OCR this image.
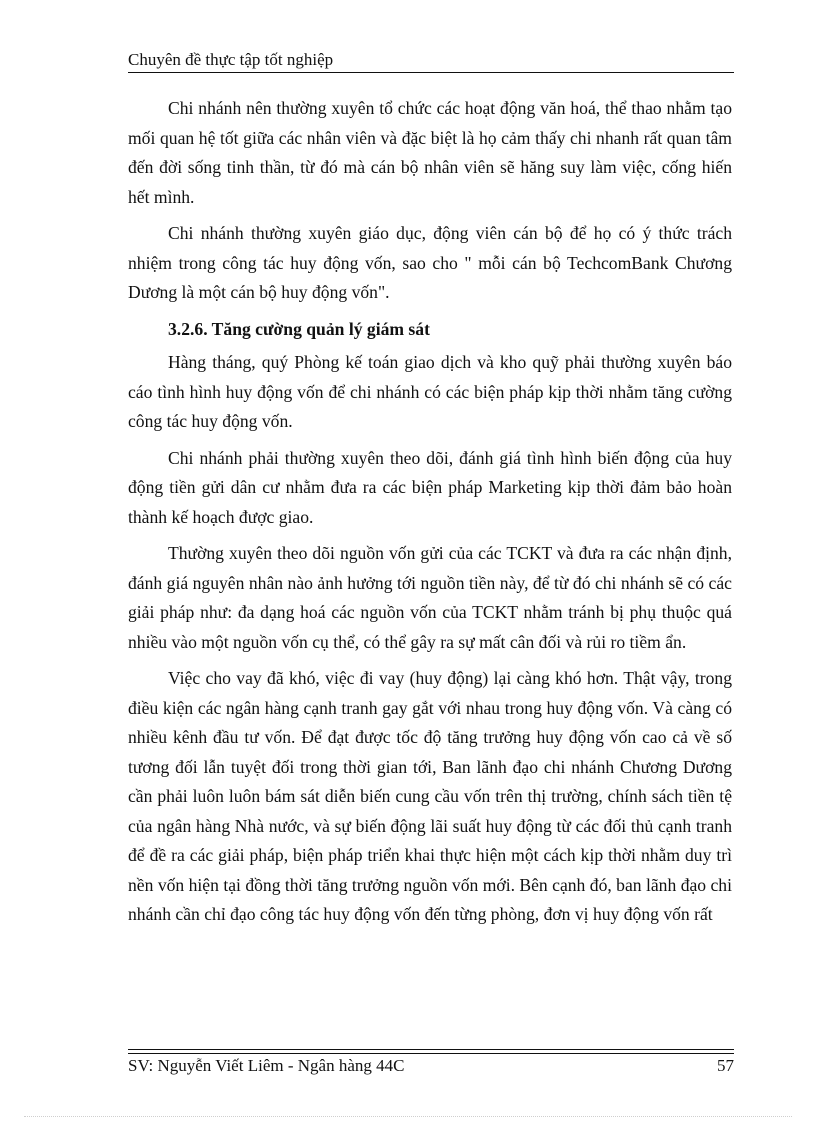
Chuyên đề thực tập tốt nghiệp

Chi nhánh nên thường xuyên tổ chức các hoạt động văn hoá, thể thao nhằm tạo mối quan hệ tốt giữa các nhân viên và đặc biệt là họ cảm thấy chi nhanh rất quan tâm đến đời sống tinh thần, từ đó mà cán bộ nhân viên sẽ hăng suy làm việc, cống hiến hết mình.

Chi nhánh thường xuyên giáo dục, động viên cán bộ để họ có ý thức trách nhiệm trong công tác huy động vốn, sao cho " mỗi cán bộ TechcomBank Chương Dương là một cán bộ huy động vốn".

3.2.6. Tăng cường quản lý giám sát

Hàng tháng, quý Phòng kế toán giao dịch và kho quỹ phải thường xuyên báo cáo tình hình huy động vốn để chi nhánh có các biện pháp kịp thời nhằm tăng cường công tác huy động vốn.

Chi nhánh phải thường xuyên theo dõi, đánh giá tình hình biến động của huy động tiền gửi dân cư nhằm đưa ra các biện pháp Marketing kịp thời đảm bảo hoàn thành kế hoạch được giao.

Thường xuyên theo dõi nguồn vốn gửi của các TCKT và đưa ra các nhận định, đánh giá nguyên nhân nào ảnh hưởng tới nguồn tiền này, để từ đó chi nhánh sẽ có các giải pháp như: đa dạng hoá các nguồn vốn của TCKT nhằm tránh bị phụ thuộc quá nhiều vào một nguồn vốn cụ thể, có thể gây ra sự mất cân đối và rủi ro tiềm ẩn.

Việc cho vay đã khó, việc đi vay (huy động) lại càng khó hơn. Thật vậy, trong điều kiện các ngân hàng cạnh tranh gay gắt với nhau trong huy động vốn. Và càng có nhiều kênh đầu tư vốn. Để đạt được tốc độ tăng trưởng huy động vốn cao cả về số tương đối lẫn tuyệt đối trong thời gian tới, Ban lãnh đạo chi nhánh Chương Dương cần phải luôn luôn bám sát diễn biến cung cầu vốn trên thị trường, chính sách tiền tệ của ngân hàng Nhà nước, và sự biến động lãi suất huy động từ các đối thủ cạnh tranh để đề ra các giải pháp, biện pháp triển khai thực hiện một cách kịp thời nhằm duy trì nền vốn hiện tại đồng thời tăng trưởng nguồn vốn mới. Bên cạnh đó, ban lãnh đạo chi nhánh cần chỉ đạo công tác huy động vốn đến từng phòng, đơn vị huy động vốn rất

SV: Nguyễn Viết Liêm - Ngân hàng 44C	57
